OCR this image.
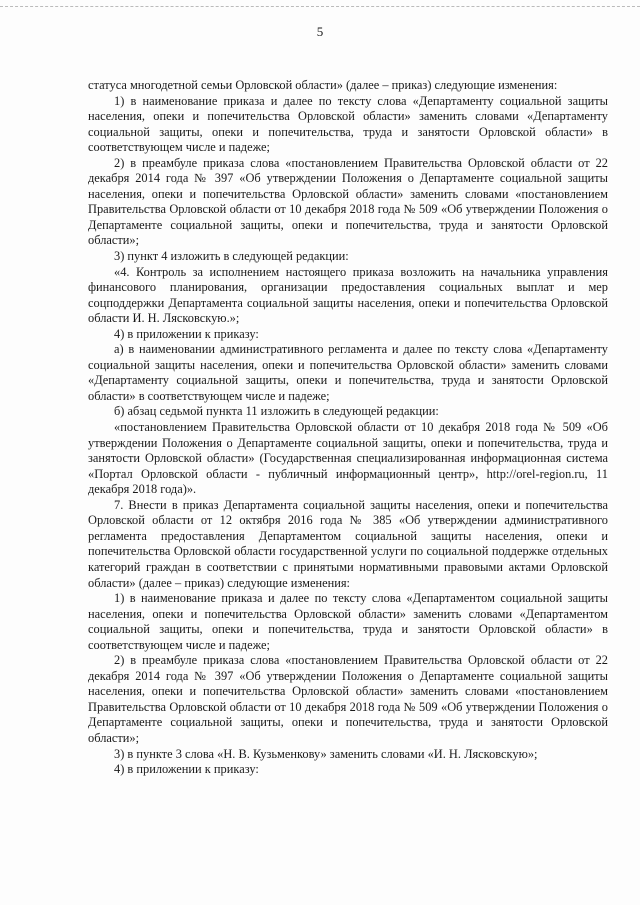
5

статуса многодетной семьи Орловской области» (далее – приказ) следующие изменения:

1) в наименование приказа и далее по тексту слова «Департаменту социальной защиты населения, опеки и попечительства Орловской области» заменить словами «Департаменту социальной защиты, опеки и попечительства, труда и занятости Орловской области» в соответствующем числе и падеже;

2) в преамбуле приказа слова «постановлением Правительства Орловской области от 22 декабря 2014 года № 397 «Об утверждении Положения о Департаменте социальной защиты населения, опеки и попечительства Орловской области» заменить словами «постановлением Правительства Орловской области от 10 декабря 2018 года № 509 «Об утверждении Положения о Департаменте социальной защиты, опеки и попечительства, труда и занятости Орловской области»;

3) пункт 4 изложить в следующей редакции:

«4. Контроль за исполнением настоящего приказа возложить на начальника управления финансового планирования, организации предоставления социальных выплат и мер соцподдержки Департамента социальной защиты населения, опеки и попечительства Орловской области И. Н. Лясковскую.»;

4) в приложении к приказу:

а) в наименовании административного регламента и далее по тексту слова «Департаменту социальной защиты населения, опеки и попечительства Орловской области» заменить словами «Департаменту социальной защиты, опеки и попечительства, труда и занятости Орловской области» в соответствующем числе и падеже;

б) абзац седьмой пункта 11 изложить в следующей редакции:

«постановлением Правительства Орловской области от 10 декабря 2018 года № 509 «Об утверждении Положения о Департаменте социальной защиты, опеки и попечительства, труда и занятости Орловской области» (Государственная специализированная информационная система «Портал Орловской области - публичный информационный центр», http://orel-region.ru, 11 декабря 2018 года)».

7. Внести в приказ Департамента социальной защиты населения, опеки и попечительства Орловской области от 12 октября 2016 года № 385 «Об утверждении административного регламента предоставления Департаментом социальной защиты населения, опеки и попечительства Орловской области государственной услуги по социальной поддержке отдельных категорий граждан в соответствии с принятыми нормативными правовыми актами Орловской области» (далее – приказ) следующие изменения:

1) в наименование приказа и далее по тексту слова «Департаментом социальной защиты населения, опеки и попечительства Орловской области» заменить словами «Департаментом социальной защиты, опеки и попечительства, труда и занятости Орловской области» в соответствующем числе и падеже;

2) в преамбуле приказа слова «постановлением Правительства Орловской области от 22 декабря 2014 года № 397 «Об утверждении Положения о Департаменте социальной защиты населения, опеки и попечительства Орловской области» заменить словами «постановлением Правительства Орловской области от 10 декабря 2018 года № 509 «Об утверждении Положения о Департаменте социальной защиты, опеки и попечительства, труда и занятости Орловской области»;

3) в пункте 3 слова «Н. В. Кузьменкову» заменить словами «И. Н. Лясковскую»;

4) в приложении к приказу:
